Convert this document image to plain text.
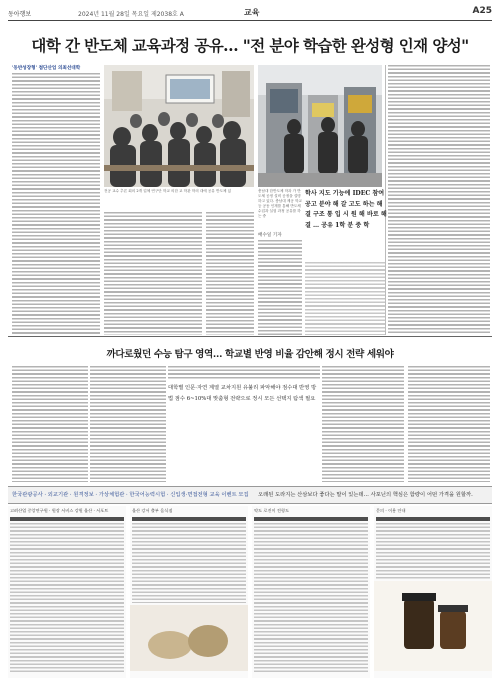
동아행보	2024년 11월 28일 목요일 제2038호 A	교육	A25
대학 간 반도체 교육과정 공유… "전 분야 학습한 완성형 인재 양성"
'동반성장형' 첨단산업 의최선대학
전공 교수 추론 회의 2개 업체 연구단 학교 의한 교 학관 학의 대에 공유 반도체 있	충남대 한반도체 학과 가 반도체 공정 설비 공정을 설명하고 있다. 충남대 제공 학교 등 공동 인재를 통해 반도체 수업과 실험 과정 공유를 하는 중
학사 지도 기능에 IDEC 참여 공고 분야 해 갈 고도 하는 해결 구조 통 입 시 원 해 바로 해결 … 공유 1학 분 중 학
배수일 기자
까다로웠던 수능 탐구 영역… 학교별 반영 비율 감안해 정시 전략 세워야
대학별 인문·자연 계열 교차지원 유불리 파악해야 점수대 반영 방법 점수 6~10%대 맞춤형 전략으로 정시 모든 선택지 탐색 필요
한국관광공사 · 외교기관 · 원격정보 · 가상체험관 · 한국어능력시험 · 신입생·면접전형 교육 이벤트 모집 오래된 도라지는 산삼보다 좋다는 말이 있는데… 사포닌의 핵심은 함량이 어떤 가격을 원할까.
고려산업 중앙연구원 · 원장 서비스 강원 울산 · 서포트	울산 강서 출부 음식점	약도 로진이 전형도	문의 · 이용 안내
